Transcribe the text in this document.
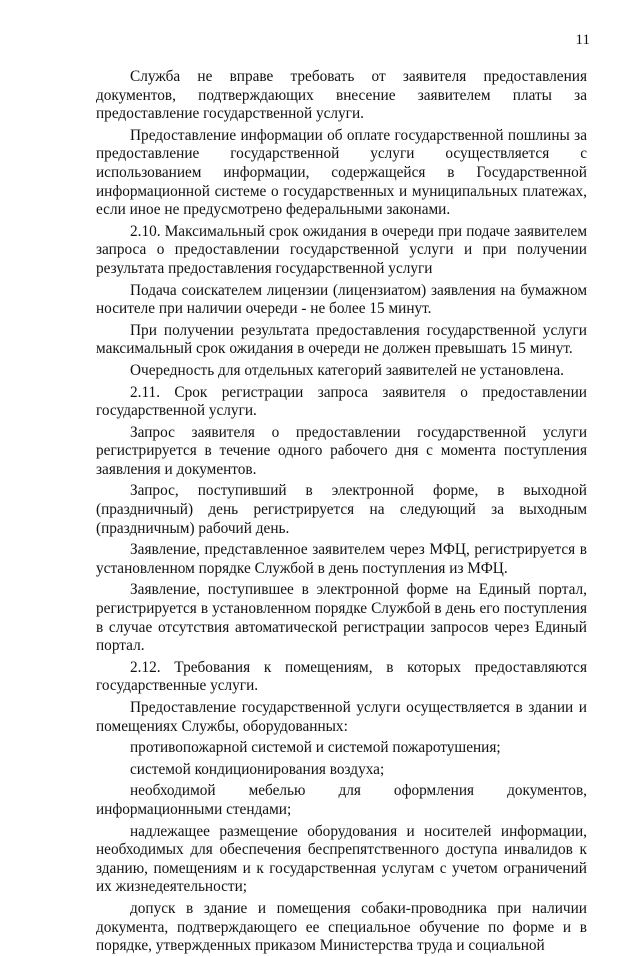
11

Служба не вправе требовать от заявителя предоставления документов, подтверждающих внесение заявителем платы за предоставление государственной услуги.

Предоставление информации об оплате государственной пошлины за предоставление государственной услуги осуществляется с использованием информации, содержащейся в Государственной информационной системе о государственных и муниципальных платежах, если иное не предусмотрено федеральными законами.

2.10. Максимальный срок ожидания в очереди при подаче заявителем запроса о предоставлении государственной услуги и при получении результата предоставления государственной услуги

Подача соискателем лицензии (лицензиатом) заявления на бумажном носителе при наличии очереди - не более 15 минут.

При получении результата предоставления государственной услуги максимальный срок ожидания в очереди не должен превышать 15 минут.

Очередность для отдельных категорий заявителей не установлена.

2.11. Срок регистрации запроса заявителя о предоставлении государственной услуги.

Запрос заявителя о предоставлении государственной услуги регистрируется в течение одного рабочего дня с момента поступления заявления и документов.

Запрос, поступивший в электронной форме, в выходной (праздничный) день регистрируется на следующий за выходным (праздничным) рабочий день.

Заявление, представленное заявителем через МФЦ, регистрируется в установленном порядке Службой в день поступления из МФЦ.

Заявление, поступившее в электронной форме на Единый портал, регистрируется в установленном порядке Службой в день его поступления в случае отсутствия автоматической регистрации запросов через Единый портал.

2.12. Требования к помещениям, в которых предоставляются государственные услуги.

Предоставление государственной услуги осуществляется в здании и помещениях Службы, оборудованных:

противопожарной системой и системой пожаротушения;

системой кондиционирования воздуха;

необходимой мебелью для оформления документов, информационными стендами;

надлежащее размещение оборудования и носителей информации, необходимых для обеспечения беспрепятственного доступа инвалидов к зданию, помещениям и к государственная услугам с учетом ограничений их жизнедеятельности;

допуск в здание и помещения собаки-проводника при наличии документа, подтверждающего ее специальное обучение по форме и в порядке, утвержденных приказом Министерства труда и социальной
